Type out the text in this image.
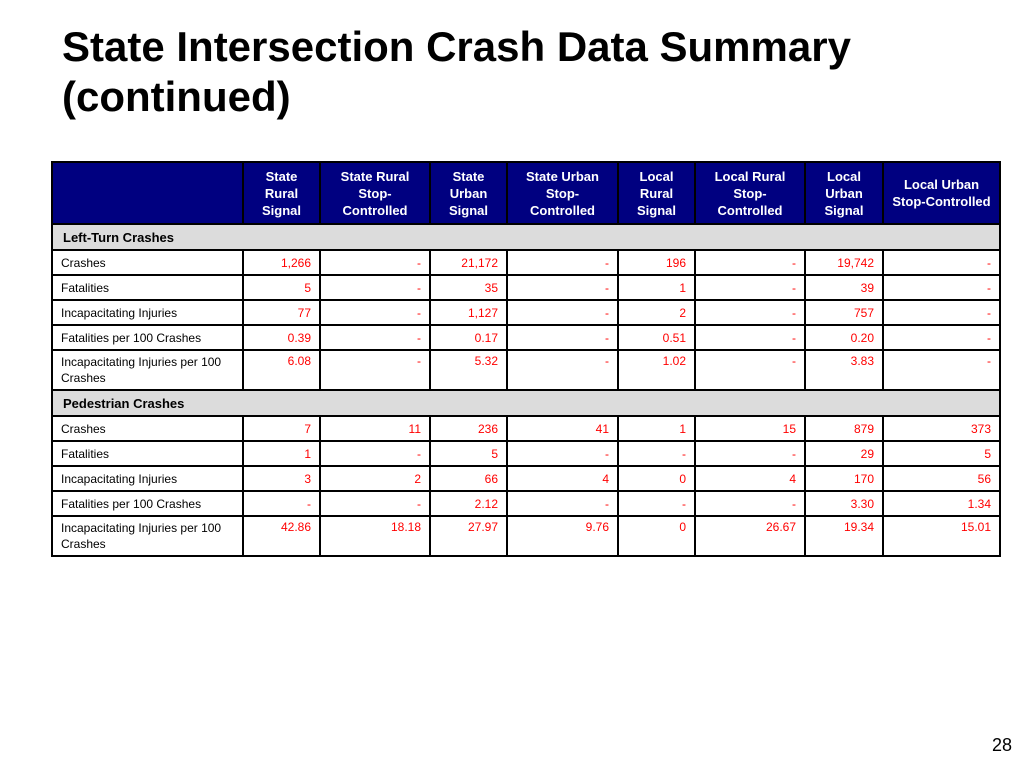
State Intersection Crash Data Summary
(continued)
	State Rural Signal	State Rural Stop-Controlled	State Urban Signal	State Urban Stop-Controlled	Local Rural Signal	Local Rural Stop-Controlled	Local Urban Signal	Local Urban Stop-Controlled
Left-Turn Crashes								
Crashes	1,266	-	21,172	-	196	-	19,742	-
Fatalities	5	-	35	-	1	-	39	-
Incapacitating Injuries	77	-	1,127	-	2	-	757	-
Fatalities per 100 Crashes	0.39	-	0.17	-	0.51	-	0.20	-
Incapacitating Injuries per 100 Crashes	6.08	-	5.32	-	1.02	-	3.83	-
Pedestrian Crashes								
Crashes	7	11	236	41	1	15	879	373
Fatalities	1	-	5	-	-	-	29	5
Incapacitating Injuries	3	2	66	4	0	4	170	56
Fatalities per 100 Crashes	-	-	2.12	-	-	-	3.30	1.34
Incapacitating Injuries per 100 Crashes	42.86	18.18	27.97	9.76	0	26.67	19.34	15.01
28
